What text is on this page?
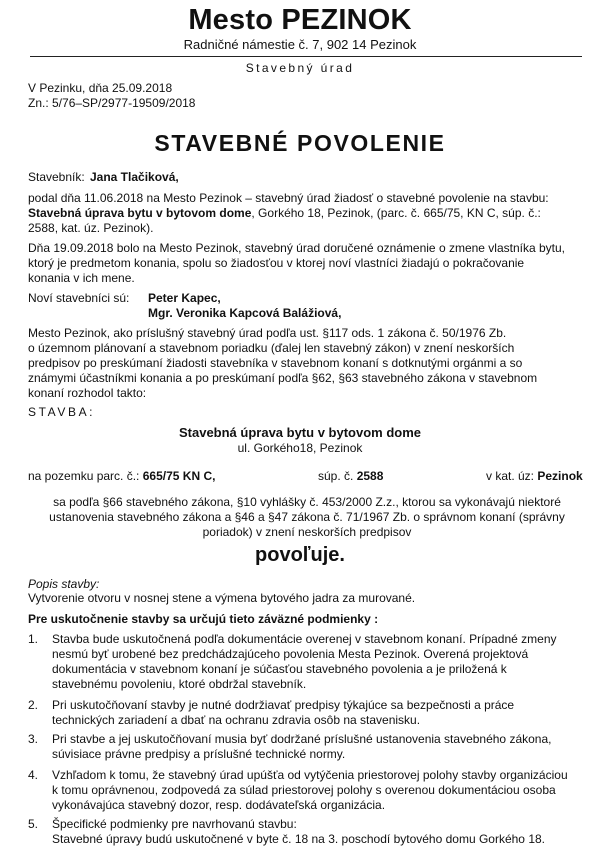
Mesto PEZINOK
Radničné námestie č. 7, 902 14 Pezinok
Stavebný úrad
V Pezinku, dňa 25.09.2018
Zn.: 5/76–SP/2977-19509/2018
STAVEBNÉ POVOLENIE
Stavebník: Jana Tlačiková,
podal dňa 11.06.2018 na Mesto Pezinok – stavebný úrad žiadosť o stavebné povolenie na stavbu:
Stavebná úprava bytu v bytovom dome, Gorkého 18, Pezinok, (parc. č. 665/75, KN C, súp. č.:
2588, kat. úz. Pezinok).
Dňa 19.09.2018 bolo na Mesto Pezinok, stavebný úrad doručené oznámenie o zmene vlastníka bytu,
ktorý je predmetom konania, spolu so žiadosťou v ktorej noví vlastníci žiadajú o pokračovanie
konania v ich mene.
Noví stavebníci sú: Peter Kapec,
Mgr. Veronika Kapcová Balážiová,
Mesto Pezinok, ako príslušný stavebný úrad podľa ust. §117 ods. 1 zákona č. 50/1976 Zb.
o územnom plánovaní a stavebnom poriadku (ďalej len stavebný zákon) v znení neskorších
predpisov po preskúmaní žiadosti stavebníka v stavebnom konaní s dotknutými orgánmi a so
známymi účastníkmi konania a po preskúmaní podľa §62, §63 stavebného zákona v stavebnom
konaní rozhodol takto:
STAVBA:
Stavebná úprava bytu v bytovom dome
ul. Gorkého18, Pezinok
na pozemku parc. č.: 665/75 KN C,	súp. č. 2588	v kat. úz: Pezinok
sa podľa §66 stavebného zákona, §10 vyhlášky č. 453/2000 Z.z., ktorou sa vykonávajú niektoré
ustanovenia stavebného zákona a §46 a §47 zákona č. 71/1967 Zb. o správnom konaní (správny
poriadok) v znení neskorších predpisov
povoľuje.
Popis stavby:
Vytvorenie otvoru v nosnej stene a výmena bytového jadra za murované.
Pre uskutočnenie stavby sa určujú tieto záväzné podmienky :
1. Stavba bude uskutočnená podľa dokumentácie overenej v stavebnom konaní. Prípadné zmeny
nesmú byť urobené bez predchádzajúceho povolenia Mesta Pezinok. Overená projektová
dokumentácia v stavebnom konaní je súčasťou stavebného povolenia a je priložená k
stavebnému povoleniu, ktoré obdržal stavebník.
2. Pri uskutočňovaní stavby je nutné dodržiavať predpisy týkajúce sa bezpečnosti a práce
technických zariadení a dbať na ochranu zdravia osôb na stavenisku.
3. Pri stavbe a jej uskutočňovaní musia byť dodržané príslušné ustanovenia stavebného zákona,
súvisiace právne predpisy a príslušné technické normy.
4. Vzhľadom k tomu, že stavebný úrad upúšťa od vytýčenia priestorovej polohy stavby organizáciou
k tomu oprávnenou, zodpovedá za súlad priestorovej polohy s overenou dokumentáciou osoba
vykonávajúca stavebný dozor, resp. dodávateľská organizácia.
5. Špecifické podmienky pre navrhovanú stavbu:
Stavebné úpravy budú uskutočnené v byte č. 18 na 3. poschodí bytového domu Gorkého 18.
